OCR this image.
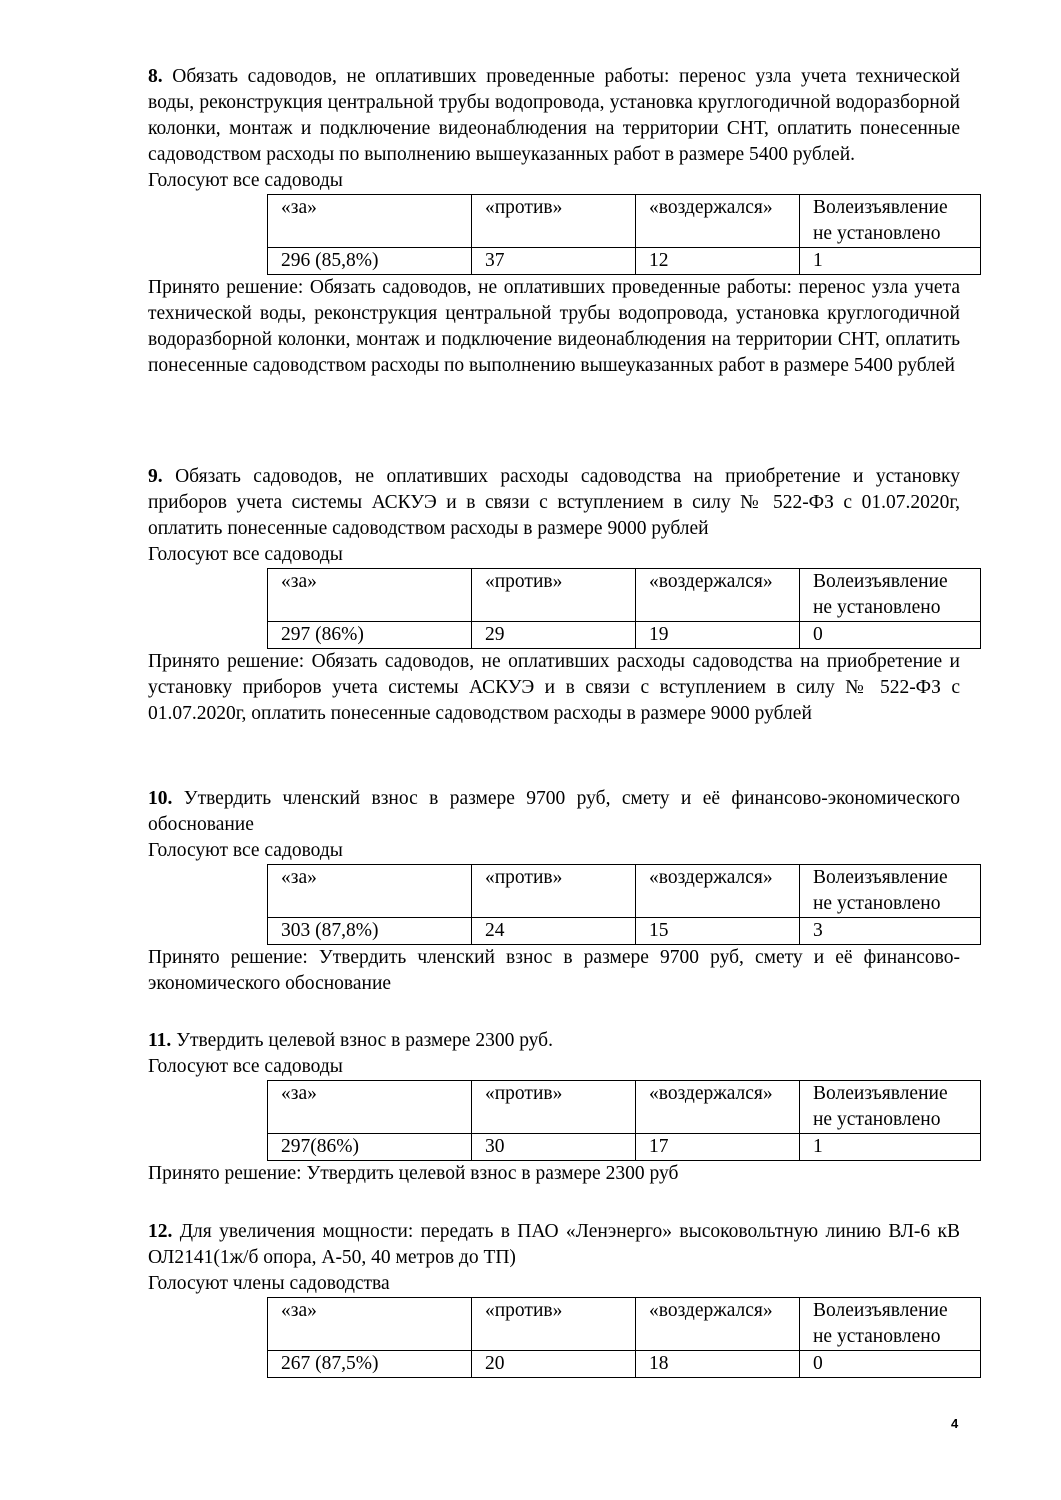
8. Обязать садоводов, не оплативших проведенные работы: перенос узла учета технической воды, реконструкция центральной трубы водопровода, установка круглогодичной водоразборной колонки, монтаж и подключение видеонаблюдения на территории СНТ, оплатить понесенные садоводством расходы по выполнению вышеуказанных работ в размере 5400 рублей.

Голосуют все садоводы

«за»	«против»	«воздержался»	Волеизъявление
не установлено
296 (85,8%)	37	12	1

Принято решение: Обязать садоводов, не оплативших проведенные работы: перенос узла учета технической воды, реконструкция центральной трубы водопровода, установка круглогодичной водоразборной колонки, монтаж и подключение видеонаблюдения на территории СНТ, оплатить понесенные садоводством расходы по выполнению вышеуказанных работ в размере 5400 рублей

9. Обязать садоводов, не оплативших расходы садоводства на приобретение и установку приборов учета системы АСКУЭ и в связи с вступлением в силу № 522-ФЗ с 01.07.2020г, оплатить понесенные садоводством расходы в размере 9000 рублей

Голосуют все садоводы

«за»	«против»	«воздержался»	Волеизъявление
не установлено
297 (86%)	29	19	0

Принято решение: Обязать садоводов, не оплативших расходы садоводства на приобретение и установку приборов учета системы АСКУЭ и в связи с вступлением в силу № 522-ФЗ с 01.07.2020г, оплатить понесенные садоводством расходы в размере 9000 рублей

10. Утвердить членский взнос в размере 9700 руб, смету и её финансово-экономического обоснование

Голосуют все садоводы

«за»	«против»	«воздержался»	Волеизъявление
не установлено
303 (87,8%)	24	15	3

Принято решение: Утвердить членский взнос в размере 9700 руб, смету и её финансово-экономического обоснование

11. Утвердить целевой взнос в размере 2300 руб.

Голосуют все садоводы

«за»	«против»	«воздержался»	Волеизъявление
не установлено
297(86%)	30	17	1

Принято решение: Утвердить целевой взнос в размере 2300 руб

12. Для увеличения мощности: передать в ПАО «Ленэнерго» высоковольтную линию ВЛ-6 кВ ОЛ2141(1ж/б опора, А-50, 40 метров до ТП)

Голосуют члены садоводства

«за»	«против»	«воздержался»	Волеизъявление
не установлено
267 (87,5%)	20	18	0
4
